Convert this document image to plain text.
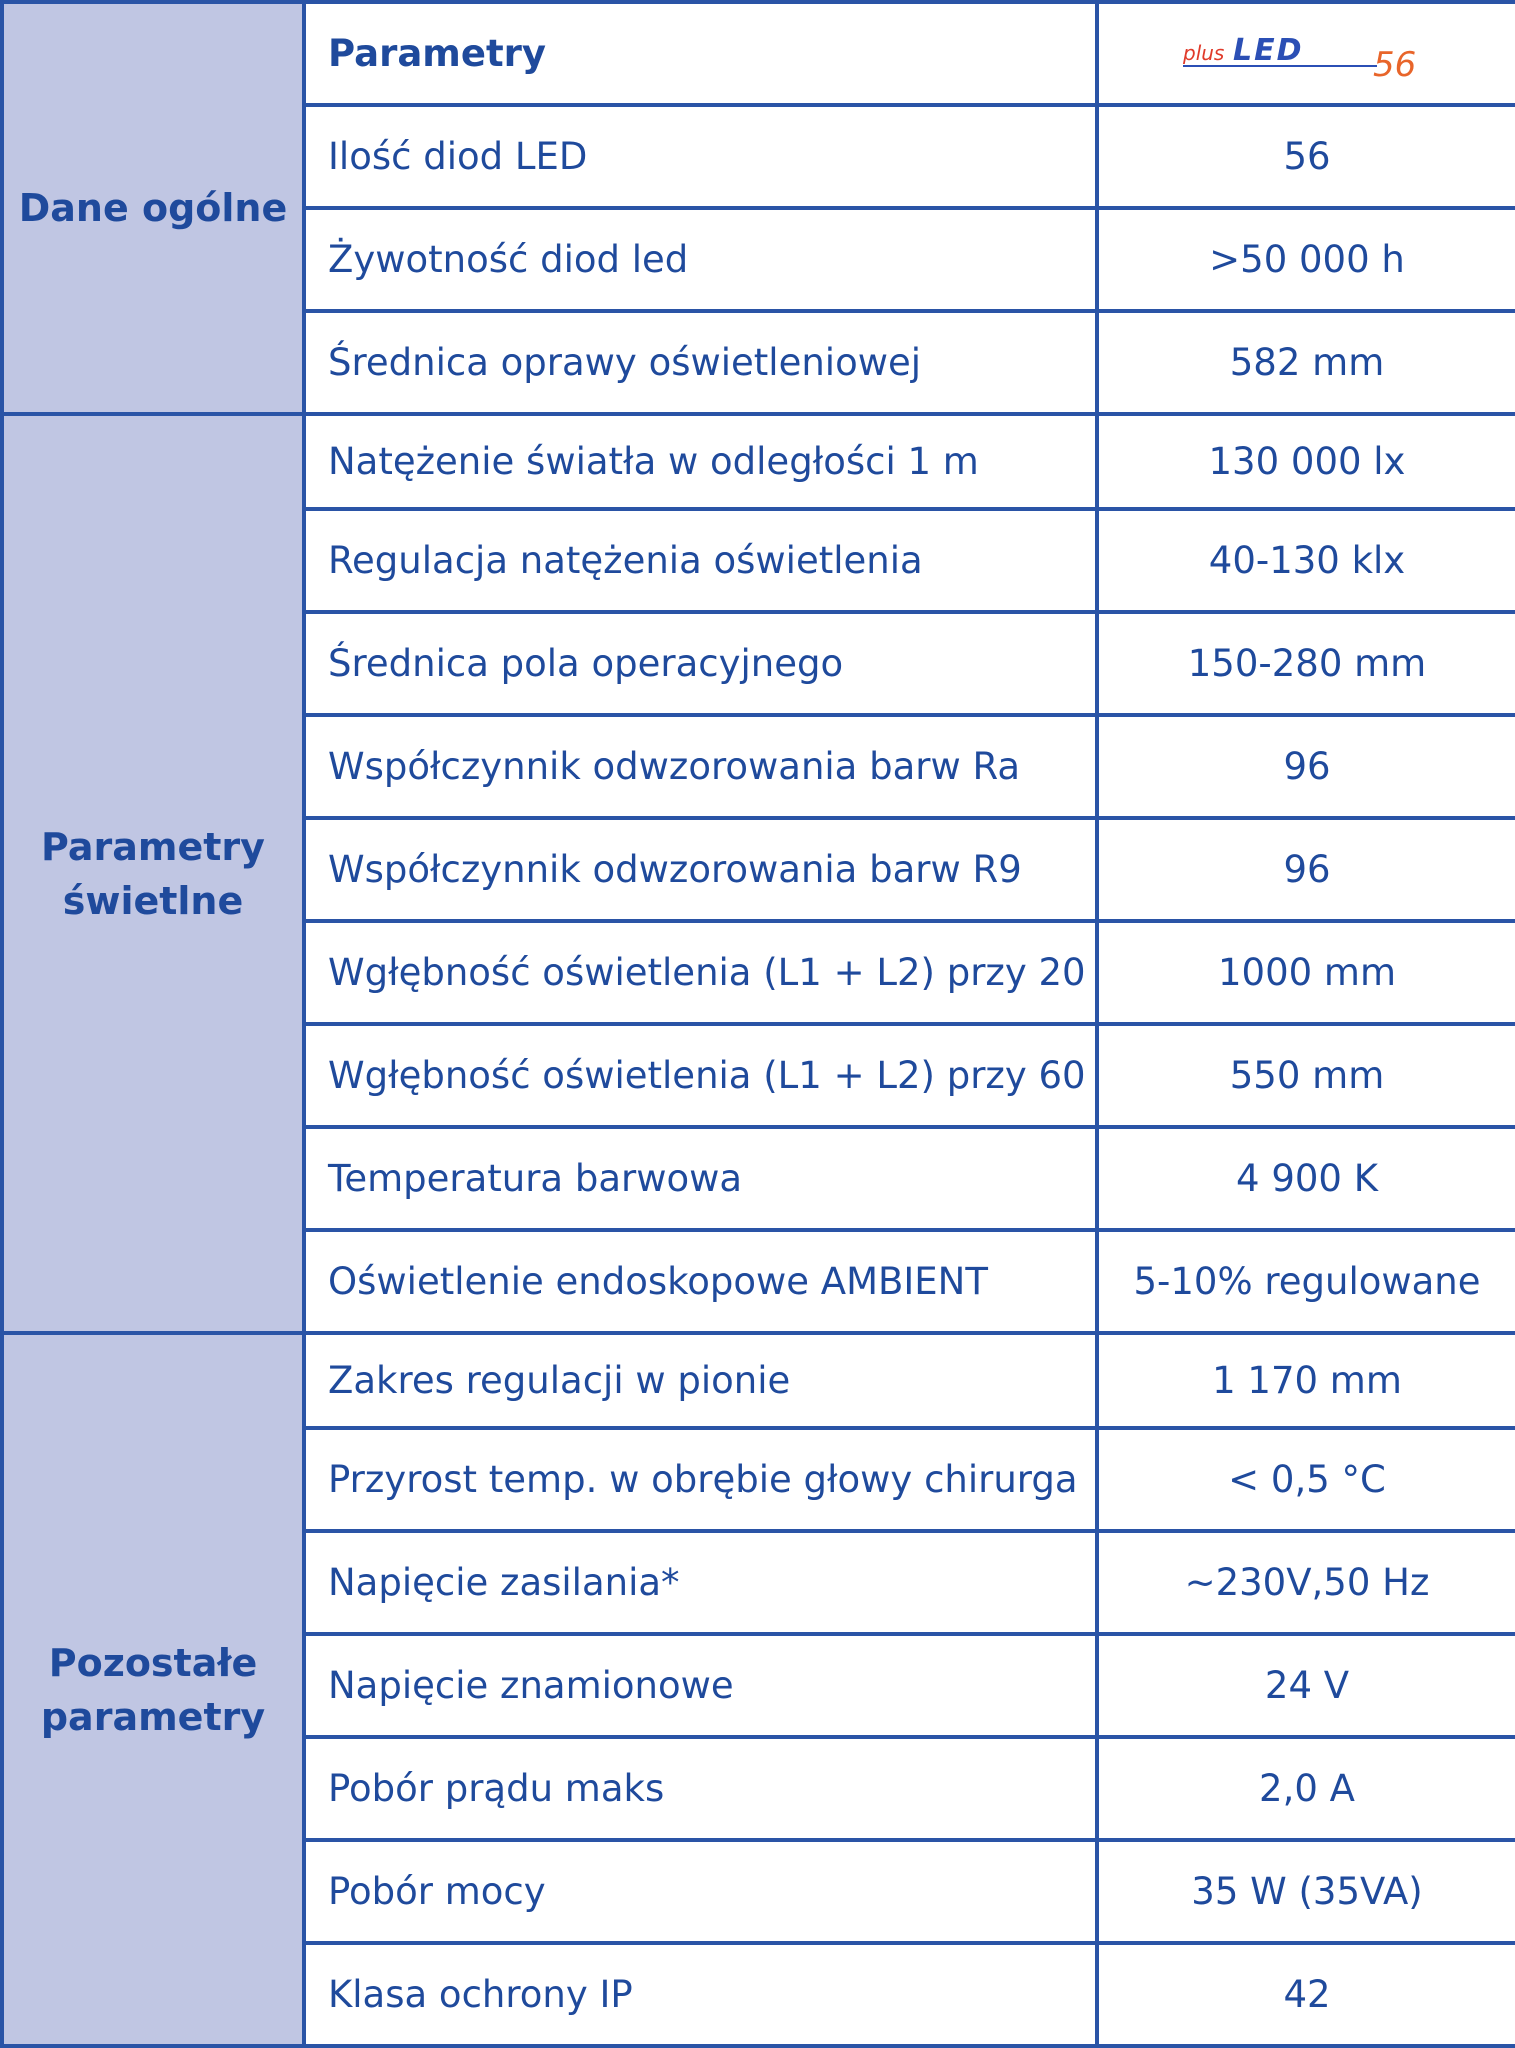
Dane ogólne	Parametry	plus LED 56

	Ilość diod LED	56
	Żywotność diod led	>50 000 h
	Średnica oprawy oświetleniowej	582 mm

Parametry
świetlne	Natężenie światła w odległości 1 m	130 000 lx
	Regulacja natężenia oświetlenia	40-130 klx
	Średnica pola operacyjnego	150-280 mm
	Współczynnik odwzorowania barw Ra	96
	Współczynnik odwzorowania barw R9	96
	Wgłębność oświetlenia (L1 + L2) przy 20	1000 mm
	Wgłębność oświetlenia (L1 + L2) przy 60	550 mm
	Temperatura barwowa	4 900 K
	Oświetlenie endoskopowe AMBIENT	5-10% regulowane

Pozostałe
parametry	Zakres regulacji w pionie	1 170 mm
	Przyrost temp. w obrębie głowy chirurga	< 0,5 °C
	Napięcie zasilania*	~230V,50 Hz
	Napięcie znamionowe	24 V
	Pobór prądu maks	2,0 A
	Pobór mocy	35 W (35VA)
	Klasa ochrony IP	42
